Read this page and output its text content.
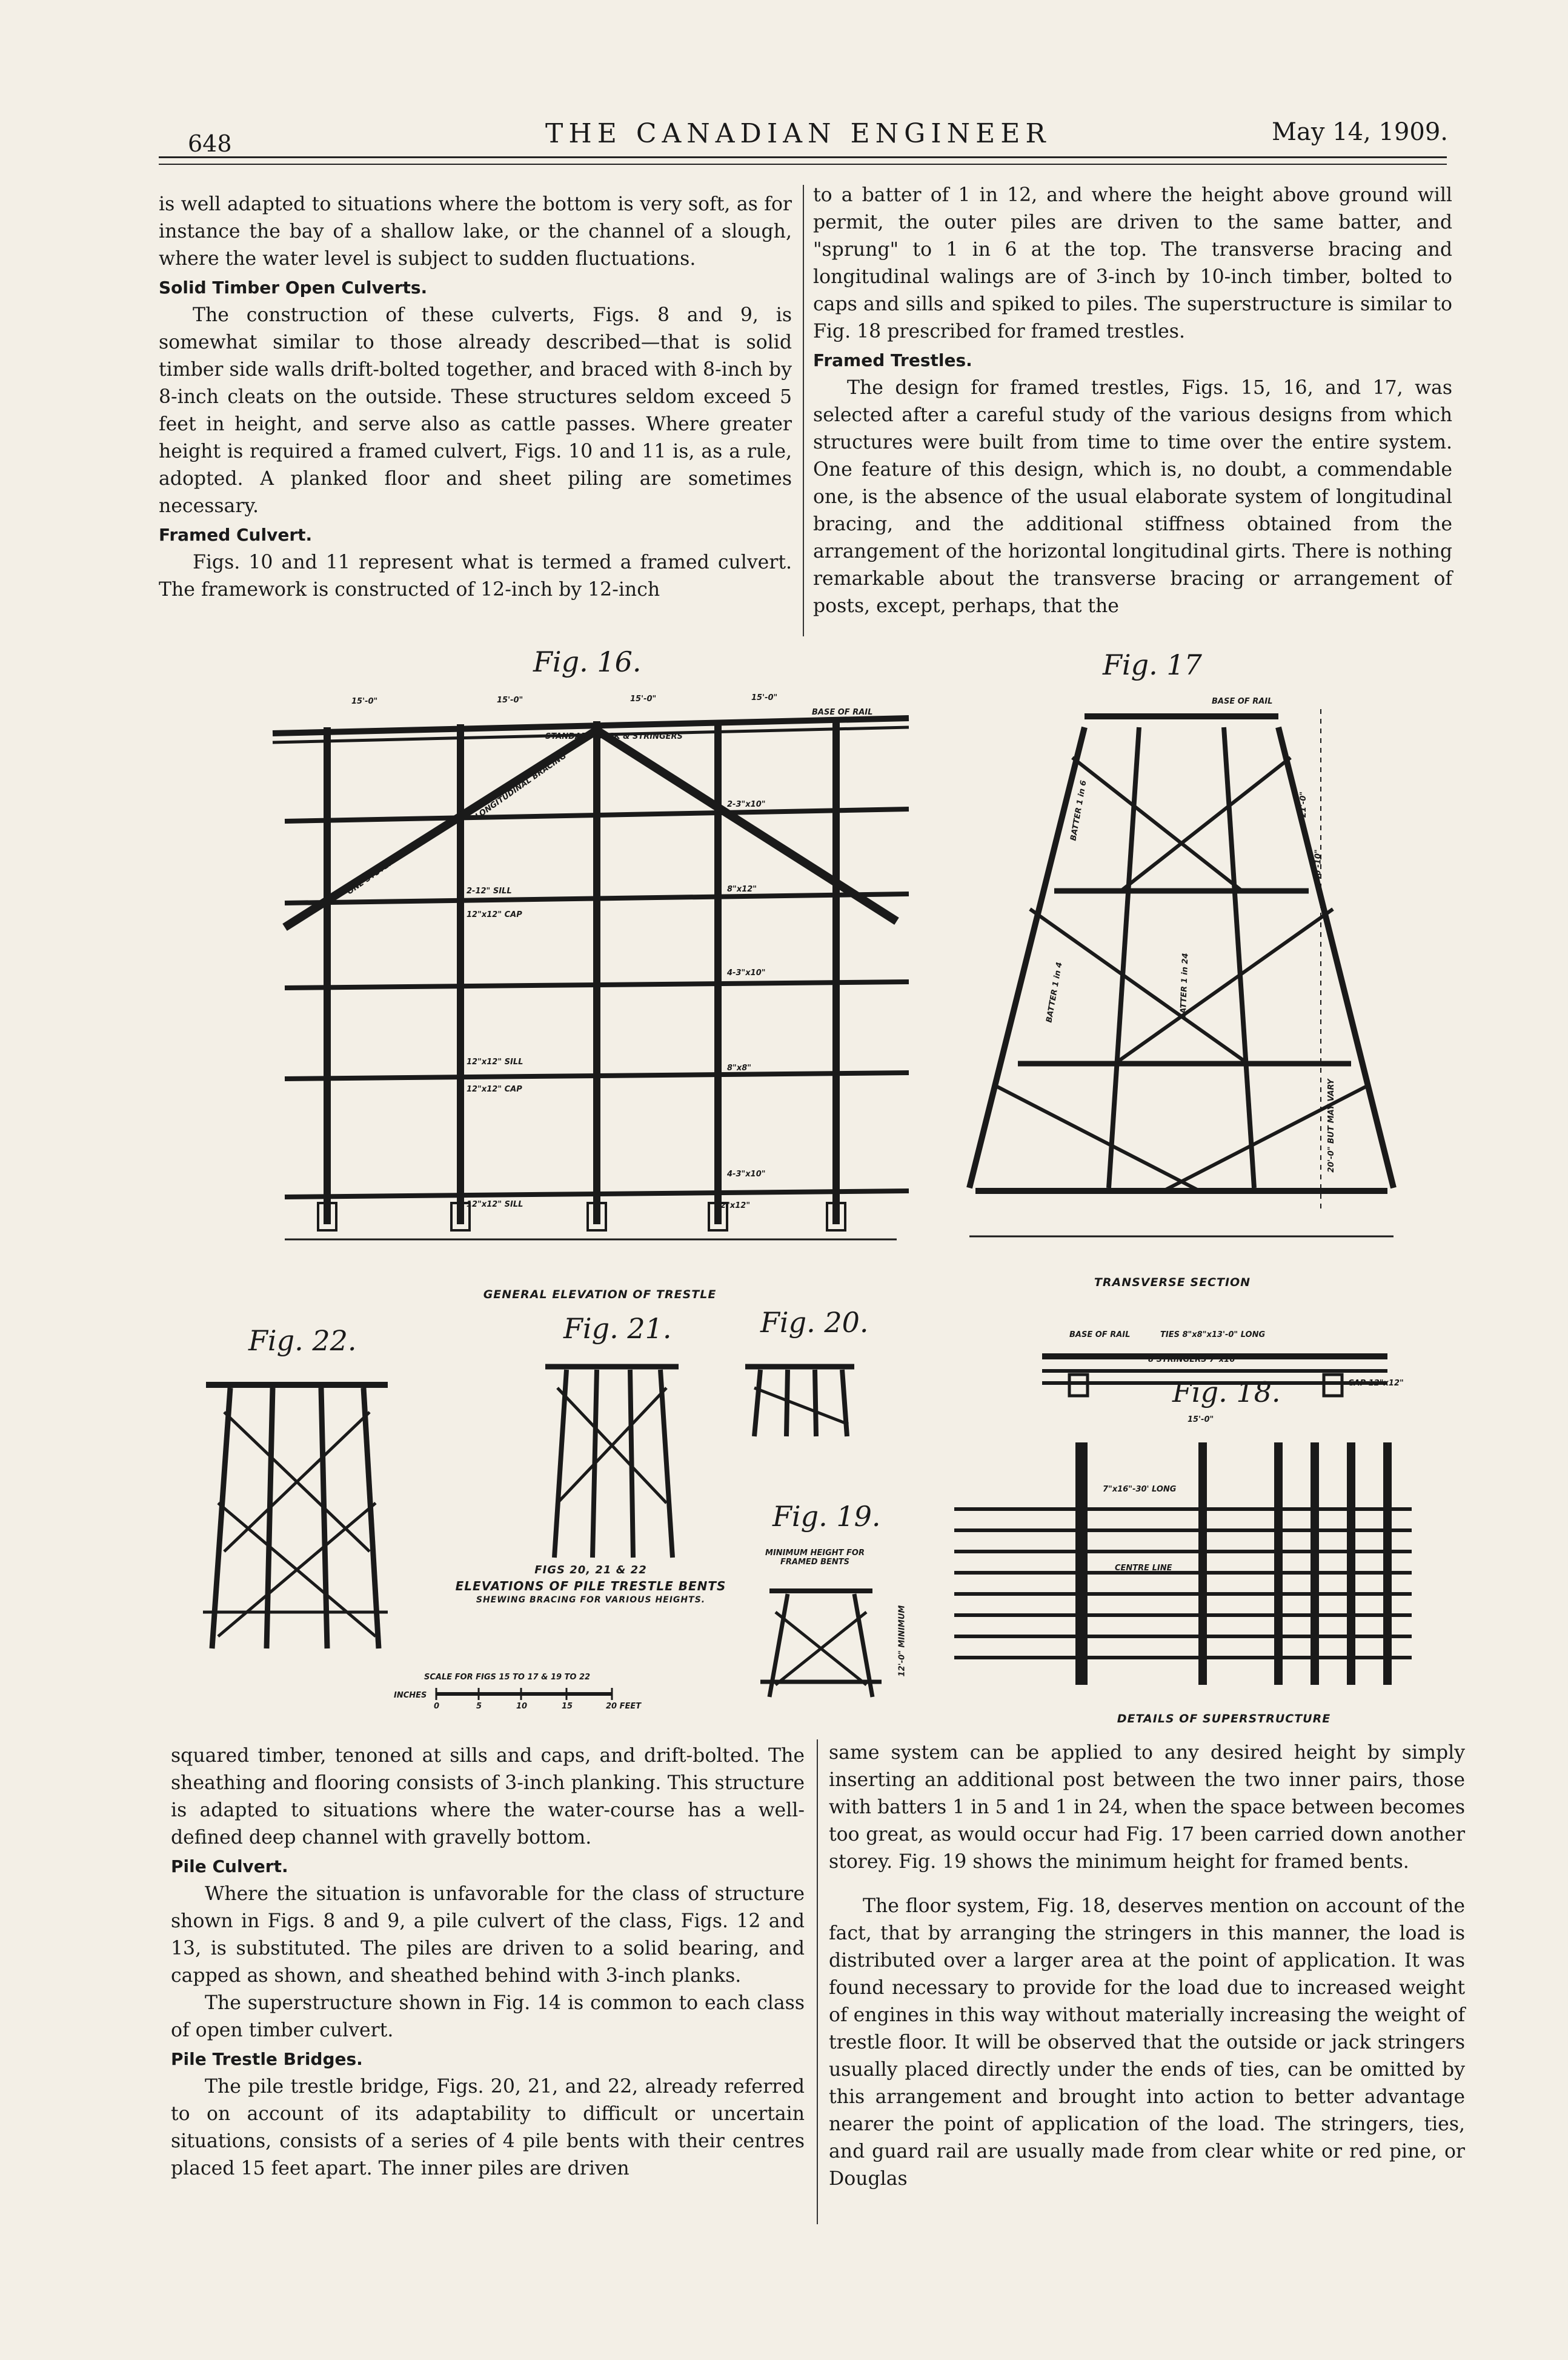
648	THE CANADIAN ENGINEER	May 14, 1909.

is well adapted to situations where the bottom is very soft, as for instance the bay of a shallow lake, or the channel of a slough, where the water level is subject to sudden fluctuations.

Solid Timber Open Culverts.

The construction of these culverts, Figs. 8 and 9, is somewhat similar to those already described—that is solid timber side walls drift-bolted together, and braced with 8-inch by 8-inch cleats on the outside. These structures seldom exceed 5 feet in height, and serve also as cattle passes. Where greater height is required a framed culvert, Figs. 10 and 11 is, as a rule, adopted. A planked floor and sheet piling are sometimes necessary.

Framed Culvert.

Figs. 10 and 11 represent what is termed a framed culvert. The framework is constructed of 12-inch by 12-inch

to a batter of 1 in 12, and where the height above ground will permit, the outer piles are driven to the same batter, and "sprung" to 1 in 6 at the top. The transverse bracing and longitudinal walings are of 3-inch by 10-inch timber, bolted to caps and sills and spiked to piles. The superstructure is similar to Fig. 18 prescribed for framed trestles.

Framed Trestles.

The design for framed trestles, Figs. 15, 16, and 17, was selected after a careful study of the various designs from which structures were built from time to time over the entire system. One feature of this design, which is, no doubt, a commendable one, is the absence of the usual elaborate system of longitudinal bracing, and the additional stiffness obtained from the arrangement of the horizontal longitudinal girts. There is nothing remarkable about the transverse bracing or arrangement of posts, except, perhaps, that the

Fig. 16.	Fig. 17
Fig. 18.
Fig. 19.
Fig. 20.
Fig. 21.
Fig. 22.
GENERAL ELEVATION OF TRESTLE
TRANSVERSE SECTION
DETAILS OF SUPERSTRUCTURE
FIGS 20, 21 & 22
ELEVATIONS OF PILE TRESTLE BENTS
SHEWING BRACING FOR VARIOUS HEIGHTS.
SCALE FOR FIGS 15 TO 17 & 19 TO 22
INCHES
0	5	10	15	20 FEET
15'-0"	15'-0"	15'-0"	15'-0"
BASE OF RAIL
STANDARD DECK & STRINGERS
LONGITUDINAL BRACING
ONE SYSTEM OF DIAG
2-3"x10"
2-12" SILL
12"x12" CAP
8"x12"
4-3"x10"
12"x12" SILL
12"x12" CAP
8"x8"
4-3"x10"
12"x12" SILL	12"x12"
BASE OF RAIL
BATTER 1 in 6
BATTER 1 in 4	BATTER 1 in 24
21'-0"
40'-10"
20'-0" BUT MAY VARY
BASE OF RAIL	TIES 8"x8"x13'-0" LONG
8 STRINGERS 7"x16"
CAP 12"x12"
15'-0"
CENTRE LINE
7"x16"-30' LONG
MINIMUM HEIGHT FOR FRAMED BENTS
12'-0" MINIMUM

squared timber, tenoned at sills and caps, and drift-bolted. The sheathing and flooring consists of 3-inch planking. This structure is adapted to situations where the water-course has a well-defined deep channel with gravelly bottom.

Pile Culvert.

Where the situation is unfavorable for the class of structure shown in Figs. 8 and 9, a pile culvert of the class, Figs. 12 and 13, is substituted. The piles are driven to a solid bearing, and capped as shown, and sheathed behind with 3-inch planks.

The superstructure shown in Fig. 14 is common to each class of open timber culvert.

Pile Trestle Bridges.

The pile trestle bridge, Figs. 20, 21, and 22, already referred to on account of its adaptability to difficult or uncertain situations, consists of a series of 4 pile bents with their centres placed 15 feet apart. The inner piles are driven

same system can be applied to any desired height by simply inserting an additional post between the two inner pairs, those with batters 1 in 5 and 1 in 24, when the space between becomes too great, as would occur had Fig. 17 been carried down another storey. Fig. 19 shows the minimum height for framed bents.

The floor system, Fig. 18, deserves mention on account of the fact, that by arranging the stringers in this manner, the load is distributed over a larger area at the point of application. It was found necessary to provide for the load due to increased weight of engines in this way without materially increasing the weight of trestle floor. It will be observed that the outside or jack stringers usually placed directly under the ends of ties, can be omitted by this arrangement and brought into action to better advantage nearer the point of application of the load. The stringers, ties, and guard rail are usually made from clear white or red pine, or Douglas
